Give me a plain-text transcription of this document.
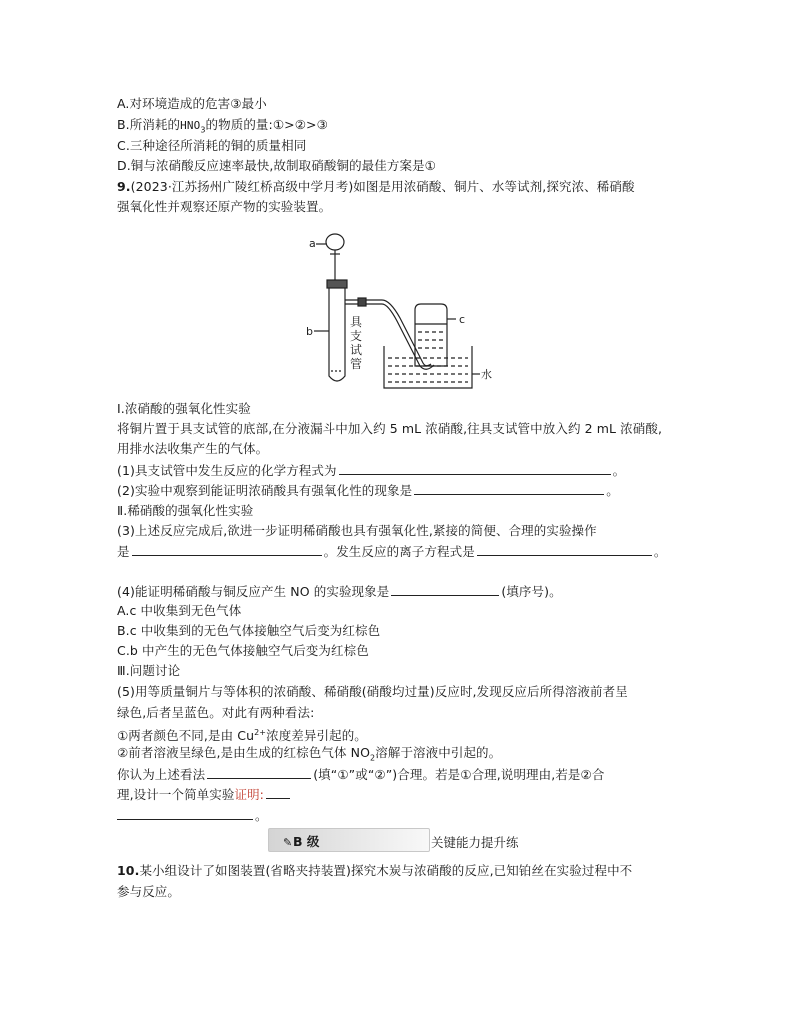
A.对环境造成的危害③最小
B.所消耗的$HNO_3$的物质的量:①>②>③
C.三种途径所消耗的铜的质量相同
D.铜与浓硝酸反应速率最快,故制取硝酸铜的最佳方案是①
9.(2023·江苏扬州广陵红桥高级中学月考)如图是用浓硝酸、铜片、水等试剂,探究浓、稀硝酸
强氧化性并观察还原产物的实验装置。
a
b
c
水
具
支
试
管
Ⅰ.浓硝酸的强氧化性实验
将铜片置于具支试管的底部,在分液漏斗中加入约 5 mL 浓硝酸,往具支试管中放入约 2 mL 浓硝酸,
用排水法收集产生的气体。
(1)具支试管中发生反应的化学方程式为	。
(2)实验中观察到能证明浓硝酸具有强氧化性的现象是	。
Ⅱ.稀硝酸的强氧化性实验
(3)上述反应完成后,欲进一步证明稀硝酸也具有强氧化性,紧接的简便、合理的实验操作
是	。发生反应的离子方程式是	。
(4)能证明稀硝酸与铜反应产生 NO 的实验现象是	(填序号)。
A.c 中收集到无色气体
B.c 中收集到的无色气体接触空气后变为红棕色
C.b 中产生的无色气体接触空气后变为红棕色
Ⅲ.问题讨论
(5)用等质量铜片与等体积的浓硝酸、稀硝酸(硝酸均过量)反应时,发现反应后所得溶液前者呈
绿色,后者呈蓝色。对此有两种看法:
①两者颜色不同,是由 $Cu^{2+}$浓度差异引起的。
②前者溶液呈绿色,是由生成的红棕色气体 $NO_2$溶解于溶液中引起的。
你认为上述看法	(填“①”或“②”)合理。若是①合理,说明理由,若是②合
理,设计一个简单实验证明:
。
✎B 级	关键能力提升练
10.某小组设计了如图装置(省略夹持装置)探究木炭与浓硝酸的反应,已知铂丝在实验过程中不
参与反应。
